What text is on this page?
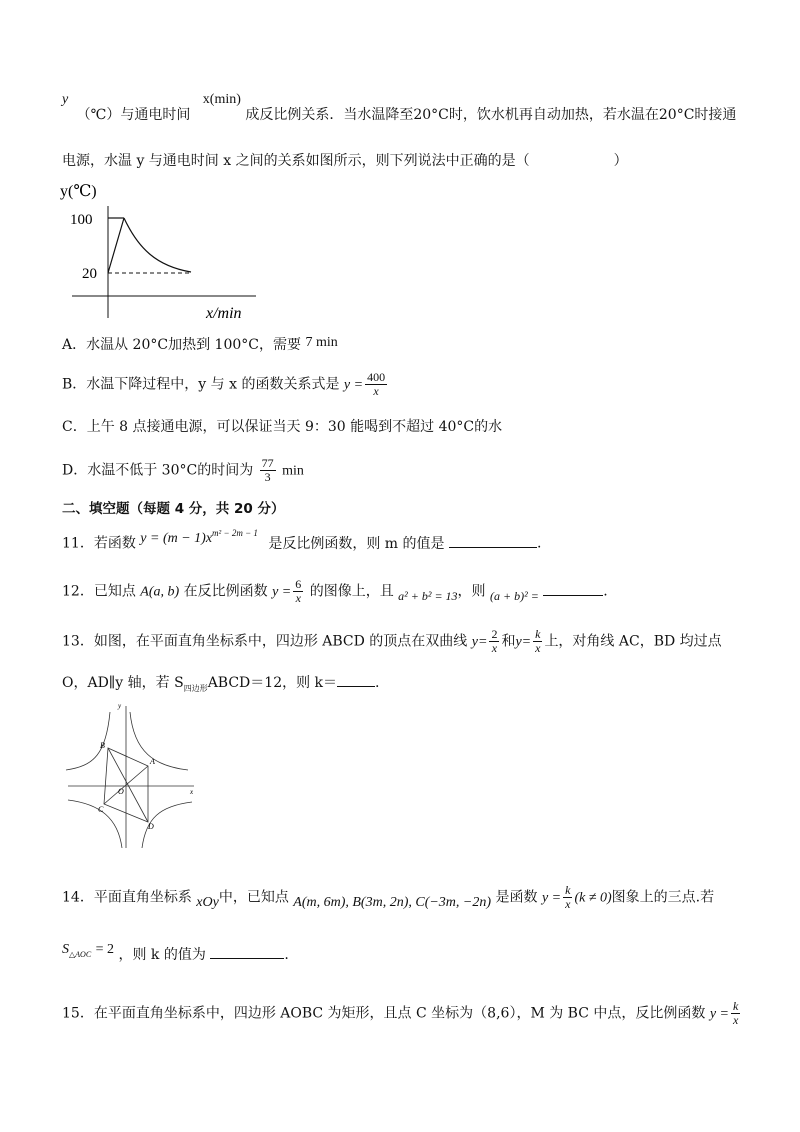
y （℃）与通电时间 x(min) 成反比例关系．当水温降至20°C时，饮水机再自动加热，若水温在20°C时接通
电源，水温 y 与通电时间 x 之间的关系如图所示，则下列说法中正确的是（　　　　　　）
y(℃)
100
20
x/min
A．水温从 20°C加热到 100°C，需要 7 min
B．水温下降过程中，y 与 x 的函数关系式是 $y = \frac{400}{x}$
C．上午 8 点接通电源，可以保证当天 9：30 能喝到不超过 40°C的水
D．水温不低于 30°C的时间为 $\frac{77}{3}$ min
二、填空题（每题 4 分，共 20 分）
11．若函数 $y = (m - 1)x^{m^2 - 2m - 1}$ 是反比例函数，则 m 的值是	.
12．已知点 A(a, b) 在反比例函数 $y = \frac{6}{x}$ 的图像上，且 a² + b² = 13，则 (a + b)² =	.
13．如图，在平面直角坐标系中，四边形 ABCD 的顶点在双曲线 $y= \frac{2}{x}$ 和$y= \frac{k}{x}$ 上，对角线 AC，BD 均过点
O，AD∥y 轴，若 $S_{四边形}ABCD=12$，则 k＝	.
y
x
B
A
O
C
D
14．平面直角坐标系 xOy中，已知点 A(m, 6m), B(3m, 2n), C(−3m, −2n) 是函数 $y = \frac{k}{x} (k \ne 0)$图象上的三点.若
$S_{\triangle AOC} = 2$ ，则 k 的值为	.
15．在平面直角坐标系中，四边形 AOBC 为矩形，且点 C 坐标为（8,6），M 为 BC 中点，反比例函数 $y = \frac{k}{x}$
